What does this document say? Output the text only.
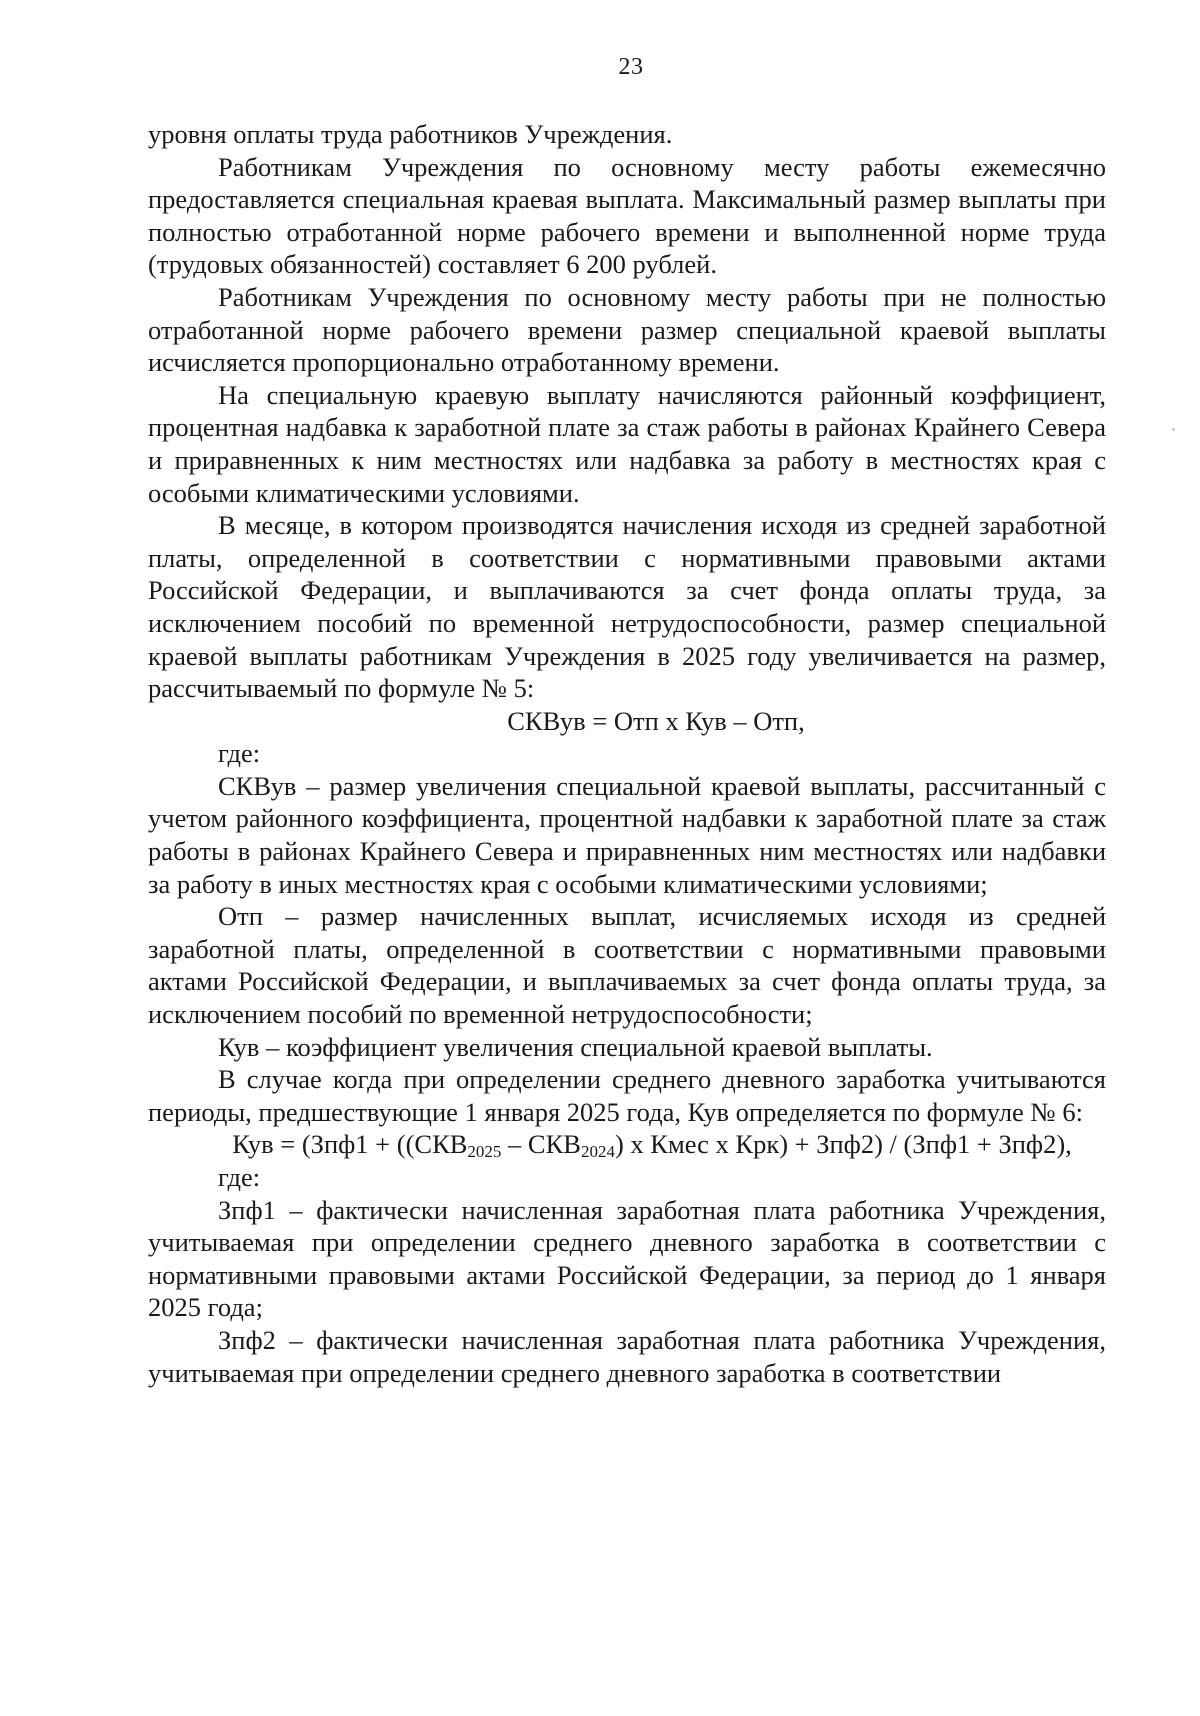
23

уровня оплаты труда работников Учреждения.

Работникам Учреждения по основному месту работы ежемесячно предоставляется специальная краевая выплата. Максимальный размер выплаты при полностью отработанной норме рабочего времени и выполненной норме труда (трудовых обязанностей) составляет 6 200 рублей.

Работникам Учреждения по основному месту работы при не полностью отработанной норме рабочего времени размер специальной краевой выплаты исчисляется пропорционально отработанному времени.

На специальную краевую выплату начисляются районный коэффициент, процентная надбавка к заработной плате за стаж работы в районах Крайнего Севера и приравненных к ним местностях или надбавка за работу в местностях края с особыми климатическими условиями.

В месяце, в котором производятся начисления исходя из средней заработной платы, определенной в соответствии с нормативными правовыми актами Российской Федерации, и выплачиваются за счет фонда оплаты труда, за исключением пособий по временной нетрудоспособности, размер специальной краевой выплаты работникам Учреждения в 2025 году увеличивается на размер, рассчитываемый по формуле № 5:

СКВув = Отп х Кув – Отп,

где:

СКВув – размер увеличения специальной краевой выплаты, рассчитанный с учетом районного коэффициента, процентной надбавки к заработной плате за стаж работы в районах Крайнего Севера и приравненных ним местностях или надбавки за работу в иных местностях края с особыми климатическими условиями;

Отп – размер начисленных выплат, исчисляемых исходя из средней заработной платы, определенной в соответствии с нормативными правовыми актами Российской Федерации, и выплачиваемых за счет фонда оплаты труда, за исключением пособий по временной нетрудоспособности;

Кув – коэффициент увеличения специальной краевой выплаты.

В случае когда при определении среднего дневного заработка учитываются периоды, предшествующие 1 января 2025 года, Кув определяется по формуле № 6:

Кув = ($Зпф1 + ((СКВ_{2025} - СКВ_{2024})$ х Кмес х Крк) + Зпф2) / (Зпф1 + Зпф2),

где:

Зпф1 – фактически начисленная заработная плата работника Учреждения, учитываемая при определении среднего дневного заработка в соответствии с нормативными правовыми актами Российской Федерации, за период до 1 января 2025 года;

Зпф2 – фактически начисленная заработная плата работника Учреждения, учитываемая при определении среднего дневного заработка в соответствии
